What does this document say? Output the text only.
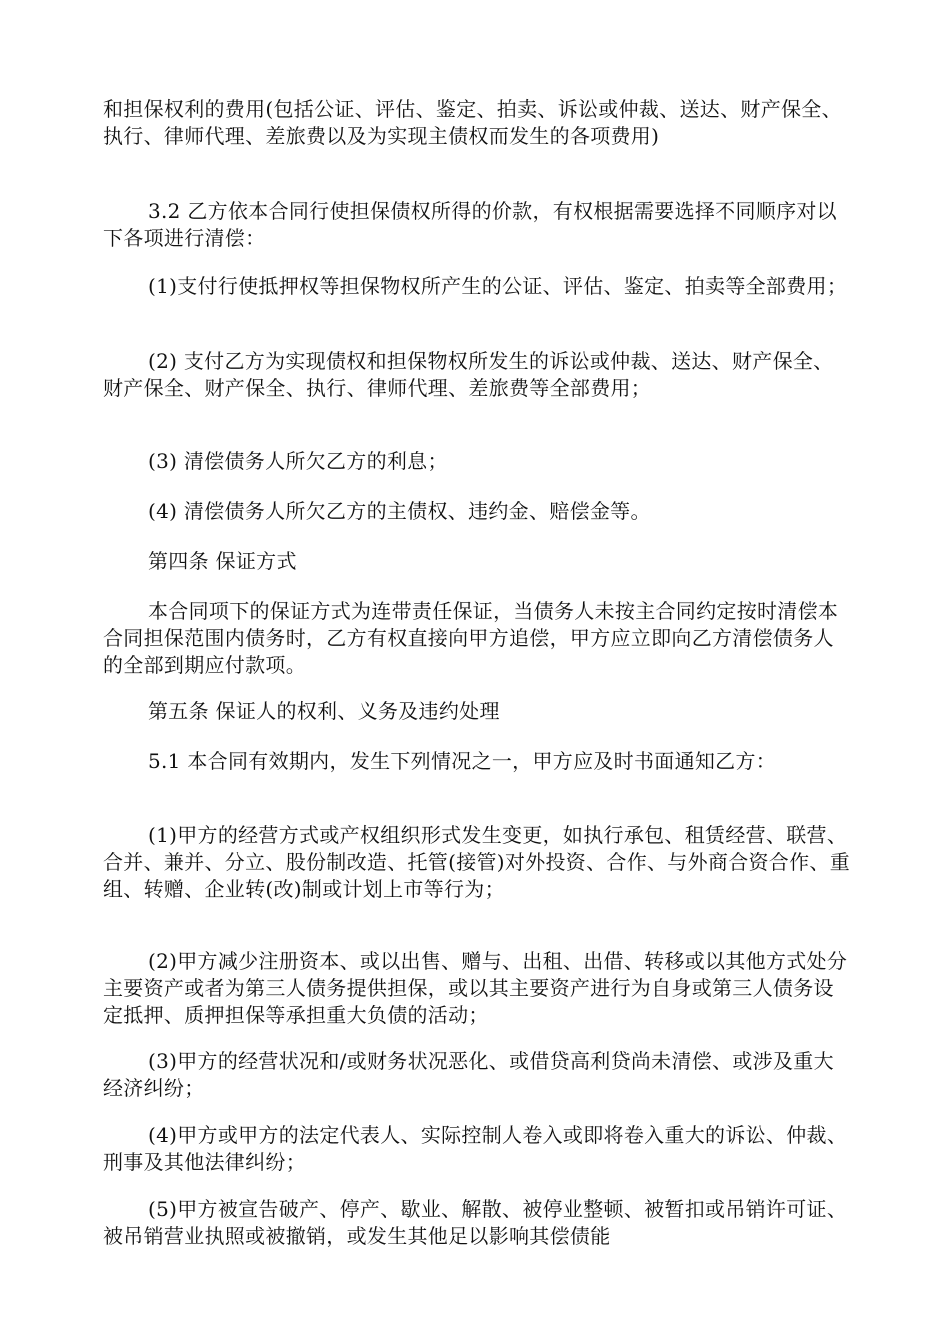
和担保权利的费用(包括公证、评估、鉴定、拍卖、诉讼或仲裁、送达、财产保全、执行、律师代理、差旅费以及为实现主债权而发生的各项费用)
3.2 乙方依本合同行使担保债权所得的价款，有权根据需要选择不同顺序对以下各项进行清偿：
(1)支付行使抵押权等担保物权所产生的公证、评估、鉴定、拍卖等全部费用；
(2) 支付乙方为实现债权和担保物权所发生的诉讼或仲裁、送达、财产保全、财产保全、财产保全、执行、律师代理、差旅费等全部费用；
(3) 清偿债务人所欠乙方的利息；
(4) 清偿债务人所欠乙方的主债权、违约金、赔偿金等。
第四条 保证方式
本合同项下的保证方式为连带责任保证，当债务人未按主合同约定按时清偿本合同担保范围内债务时，乙方有权直接向甲方追偿，甲方应立即向乙方清偿债务人的全部到期应付款项。
第五条 保证人的权利、义务及违约处理
5.1 本合同有效期内，发生下列情况之一，甲方应及时书面通知乙方：
(1)甲方的经营方式或产权组织形式发生变更，如执行承包、租赁经营、联营、合并、兼并、分立、股份制改造、托管(接管)对外投资、合作、与外商合资合作、重组、转赠、企业转(改)制或计划上市等行为；
(2)甲方减少注册资本、或以出售、赠与、出租、出借、转移或以其他方式处分主要资产或者为第三人债务提供担保，或以其主要资产进行为自身或第三人债务设定抵押、质押担保等承担重大负债的活动；
(3)甲方的经营状况和/或财务状况恶化、或借贷高利贷尚未清偿、或涉及重大经济纠纷；
(4)甲方或甲方的法定代表人、实际控制人卷入或即将卷入重大的诉讼、仲裁、刑事及其他法律纠纷；
(5)甲方被宣告破产、停产、歇业、解散、被停业整顿、被暂扣或吊销许可证、被吊销营业执照或被撤销，或发生其他足以影响其偿债能
